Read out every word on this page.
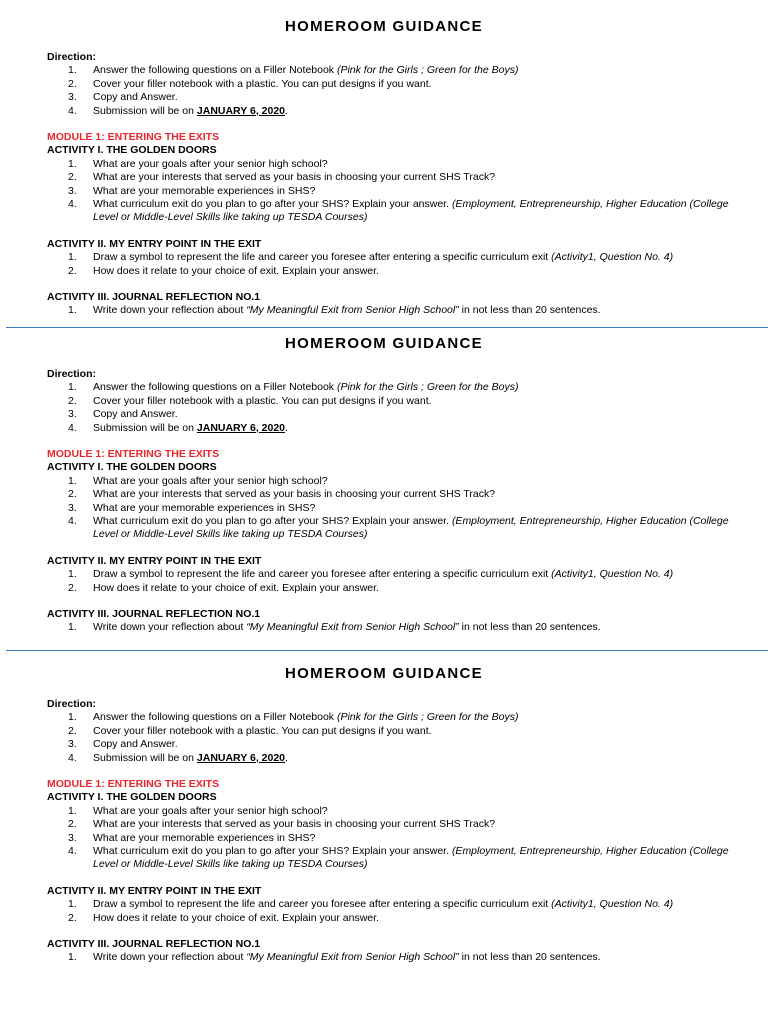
HOMEROOM GUIDANCE
Direction:
1. Answer the following questions on a Filler Notebook (Pink for the Girls ; Green for the Boys)
2. Cover your filler notebook with a plastic. You can put designs if you want.
3. Copy and Answer.
4. Submission will be on JANUARY 6, 2020.
MODULE 1: ENTERING THE EXITS
ACTIVITY I. THE GOLDEN DOORS
1. What are your goals after your senior high school?
2. What are your interests that served as your basis in choosing your current SHS Track?
3. What are your memorable experiences in SHS?
4. What curriculum exit do you plan to go after your SHS? Explain your answer. (Employment, Entrepreneurship, Higher Education (College Level or Middle-Level Skills like taking up TESDA Courses)
ACTIVITY II. MY ENTRY POINT IN THE EXIT
1. Draw a symbol to represent the life and career you foresee after entering a specific curriculum exit (Activity1, Question No. 4)
2. How does it relate to your choice of exit. Explain your answer.
ACTIVITY III. JOURNAL REFLECTION NO.1
1. Write down your reflection about “My Meaningful Exit from Senior High School” in not less than 20 sentences.
HOMEROOM GUIDANCE
Direction:
1. Answer the following questions on a Filler Notebook (Pink for the Girls ; Green for the Boys)
2. Cover your filler notebook with a plastic. You can put designs if you want.
3. Copy and Answer.
4. Submission will be on JANUARY 6, 2020.
MODULE 1: ENTERING THE EXITS
ACTIVITY I. THE GOLDEN DOORS
1. What are your goals after your senior high school?
2. What are your interests that served as your basis in choosing your current SHS Track?
3. What are your memorable experiences in SHS?
4. What curriculum exit do you plan to go after your SHS? Explain your answer. (Employment, Entrepreneurship, Higher Education (College Level or Middle-Level Skills like taking up TESDA Courses)
ACTIVITY II. MY ENTRY POINT IN THE EXIT
1. Draw a symbol to represent the life and career you foresee after entering a specific curriculum exit (Activity1, Question No. 4)
2. How does it relate to your choice of exit. Explain your answer.
ACTIVITY III. JOURNAL REFLECTION NO.1
1. Write down your reflection about “My Meaningful Exit from Senior High School” in not less than 20 sentences.
HOMEROOM GUIDANCE
Direction:
1. Answer the following questions on a Filler Notebook (Pink for the Girls ; Green for the Boys)
2. Cover your filler notebook with a plastic. You can put designs if you want.
3. Copy and Answer.
4. Submission will be on JANUARY 6, 2020.
MODULE 1: ENTERING THE EXITS
ACTIVITY I. THE GOLDEN DOORS
1. What are your goals after your senior high school?
2. What are your interests that served as your basis in choosing your current SHS Track?
3. What are your memorable experiences in SHS?
4. What curriculum exit do you plan to go after your SHS? Explain your answer. (Employment, Entrepreneurship, Higher Education (College Level or Middle-Level Skills like taking up TESDA Courses)
ACTIVITY II. MY ENTRY POINT IN THE EXIT
1. Draw a symbol to represent the life and career you foresee after entering a specific curriculum exit (Activity1, Question No. 4)
2. How does it relate to your choice of exit. Explain your answer.
ACTIVITY III. JOURNAL REFLECTION NO.1
1. Write down your reflection about “My Meaningful Exit from Senior High School” in not less than 20 sentences.
